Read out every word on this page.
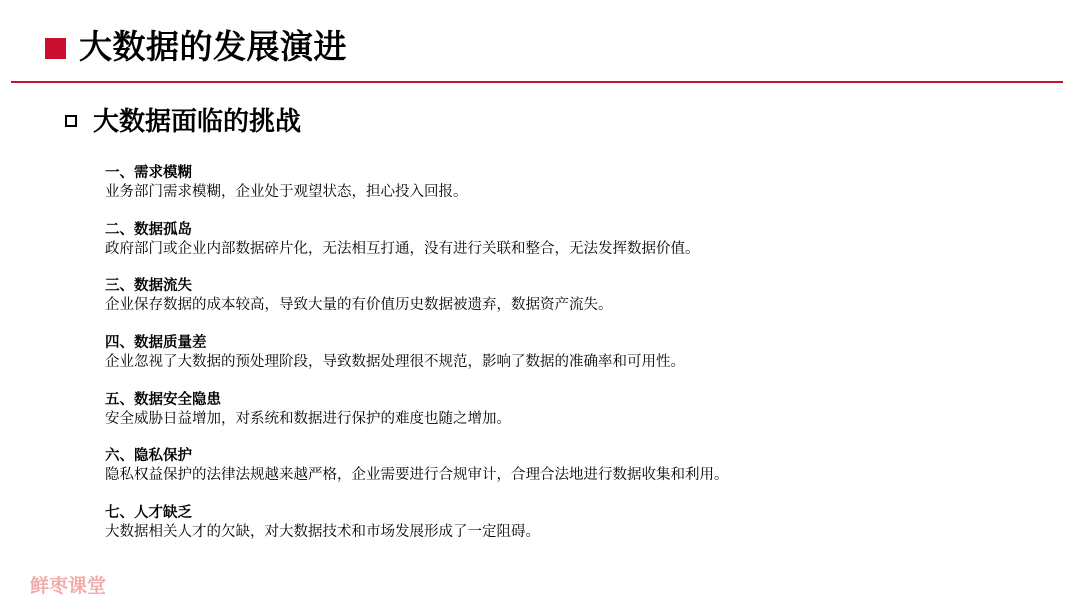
大数据的发展演进
大数据面临的挑战
一、需求模糊
业务部门需求模糊，企业处于观望状态，担心投入回报。
二、数据孤岛
政府部门或企业内部数据碎片化，无法相互打通，没有进行关联和整合，无法发挥数据价值。
三、数据流失
企业保存数据的成本较高，导致大量的有价值历史数据被遗弃，数据资产流失。
四、数据质量差
企业忽视了大数据的预处理阶段，导致数据处理很不规范，影响了数据的准确率和可用性。
五、数据安全隐患
安全威胁日益增加，对系统和数据进行保护的难度也随之增加。
六、隐私保护
隐私权益保护的法律法规越来越严格，企业需要进行合规审计，合理合法地进行数据收集和利用。
七、人才缺乏
大数据相关人才的欠缺，对大数据技术和市场发展形成了一定阻碍。
鲜枣课堂
